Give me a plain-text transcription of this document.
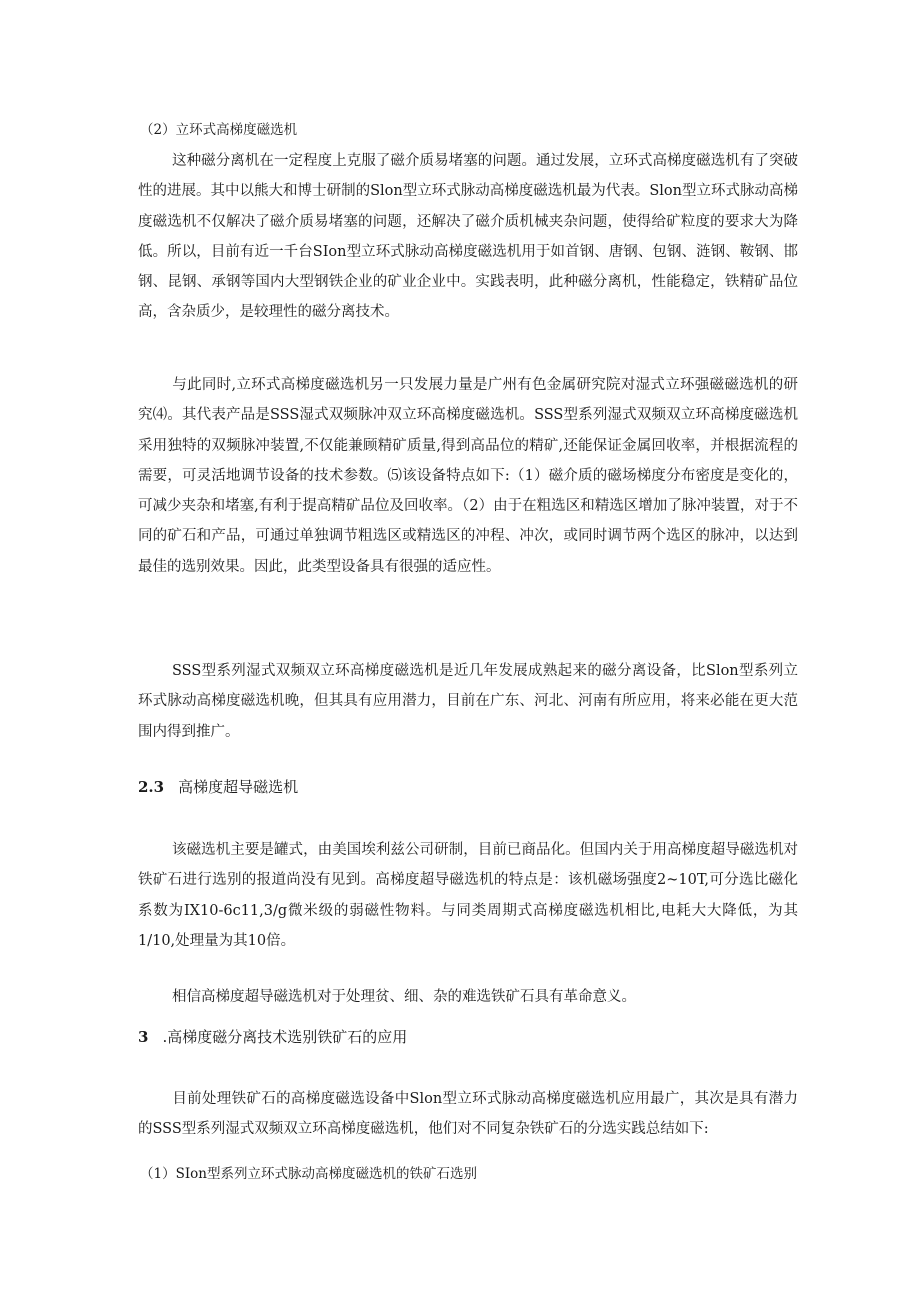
（2）立环式高梯度磁选机

这种磁分离机在一定程度上克服了磁介质易堵塞的问题。通过发展，立环式高梯度磁选机有了突破性的进展。其中以熊大和博士研制的Slon型立环式脉动高梯度磁选机最为代表。Slon型立环式脉动高梯度磁选机不仅解决了磁介质易堵塞的问题，还解决了磁介质机械夹杂问题，使得给矿粒度的要求大为降低。所以，目前有近一千台SIon型立环式脉动高梯度磁选机用于如首钢、唐钢、包钢、涟钢、鞍钢、邯钢、昆钢、承钢等国内大型钢铁企业的矿业企业中。实践表明，此种磁分离机，性能稳定，铁精矿品位高，含杂质少，是较理性的磁分离技术。

与此同时,立环式高梯度磁选机另一只发展力量是广州有色金属研究院对湿式立环强磁磁选机的研究⑷。其代表产品是SSS湿式双频脉冲双立环高梯度磁选机。SSS型系列湿式双频双立环高梯度磁选机采用独特的双频脉冲装置,不仅能兼顾精矿质量,得到高品位的精矿,还能保证金属回收率，并根据流程的需要，可灵活地调节设备的技术参数。⑸该设备特点如下:（1）磁介质的磁场梯度分布密度是变化的，可减少夹杂和堵塞,有利于提高精矿品位及回收率。（2）由于在粗选区和精选区增加了脉冲装置，对于不同的矿石和产品，可通过单独调节粗选区或精选区的冲程、冲次，或同时调节两个选区的脉冲，以达到最佳的选别效果。因此，此类型设备具有很强的适应性。

SSS型系列湿式双频双立环高梯度磁选机是近几年发展成熟起来的磁分离设备，比Slon型系列立环式脉动高梯度磁选机晚，但其具有应用潜力，目前在广东、河北、河南有所应用，将来必能在更大范围内得到推广。

2.3 高梯度超导磁选机

该磁选机主要是罐式，由美国埃利兹公司研制，目前已商品化。但国内关于用高梯度超导磁选机对铁矿石进行选别的报道尚没有见到。高梯度超导磁选机的特点是：该机磁场强度2~10T,可分选比磁化系数为IX10-6c11,3/g微米级的弱磁性物料。与同类周期式高梯度磁选机相比,电耗大大降低，为其1/10,处理量为其10倍。

相信高梯度超导磁选机对于处理贫、细、杂的难选铁矿石具有革命意义。

3 .高梯度磁分离技术选别铁矿石的应用

目前处理铁矿石的高梯度磁选设备中Slon型立环式脉动高梯度磁选机应用最广，其次是具有潜力的SSS型系列湿式双频双立环高梯度磁选机，他们对不同复杂铁矿石的分选实践总结如下:

（1）SIon型系列立环式脉动高梯度磁选机的铁矿石选别
